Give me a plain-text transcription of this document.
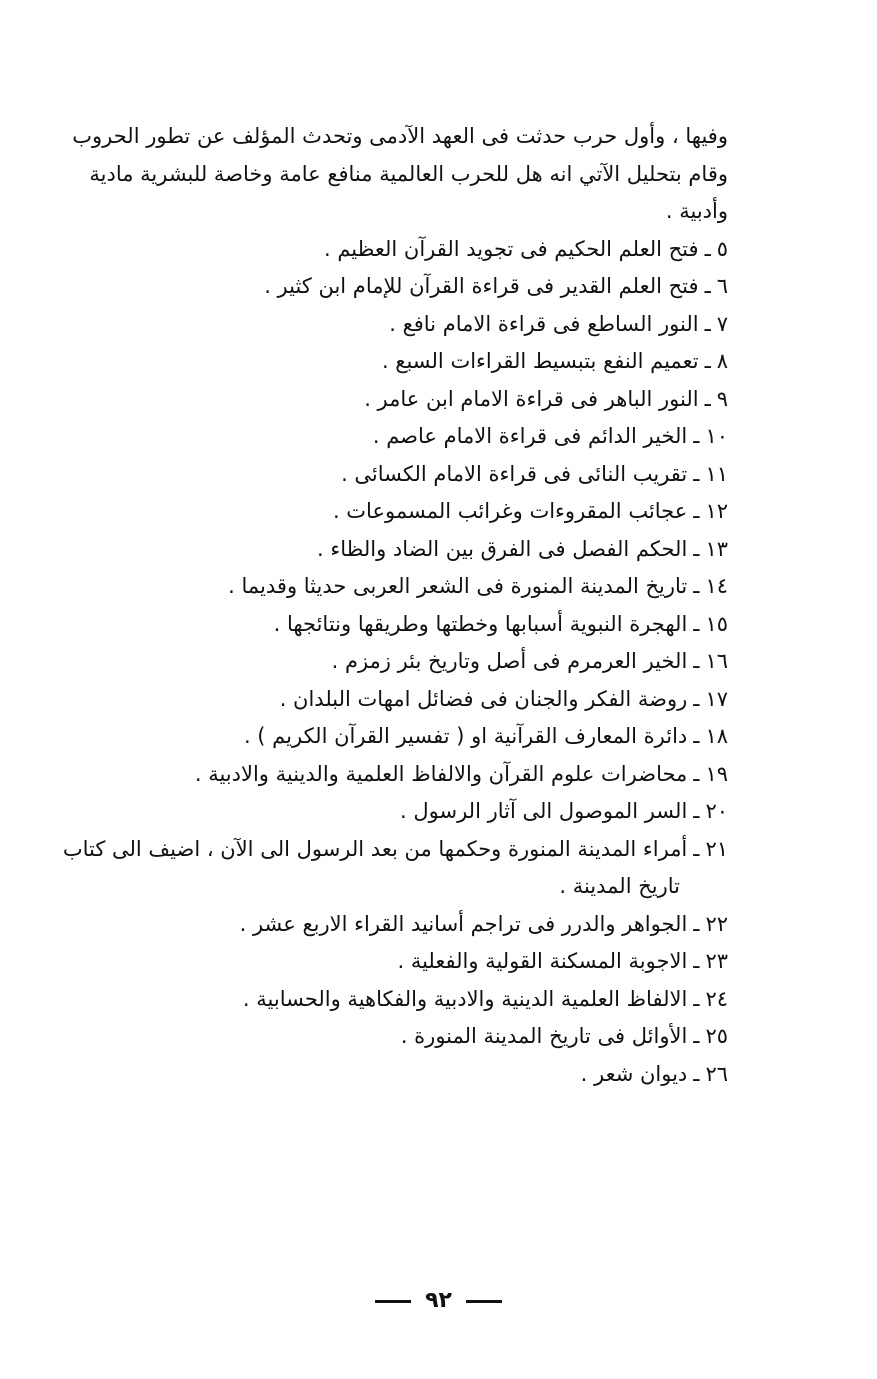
وفيها ، وأول حرب حدثت فى العهد الآدمى وتحدث المؤلف عن تطور الحروب
وقام بتحليل الآتي انه هل للحرب العالمية منافع عامة وخاصة للبشرية مادية
وأدبية .
٥ـفتح العلم الحكيم فى تجويد القرآن العظيم .
٦ـفتح العلم القدير فى قراءة القرآن للإمام ابن كثير .
٧ـالنور الساطع فى قراءة الامام نافع .
٨ـتعميم النفع بتبسيط القراءات السبع .
٩ـالنور الباهر فى قراءة الامام ابن عامر .
١٠ـالخير الدائم فى قراءة الامام عاصم .
١١ـتقريب النائى فى قراءة الامام الكسائى .
١٢ـعجائب المقروءات وغرائب المسموعات .
١٣ـالحكم الفصل فى الفرق بين الضاد والظاء .
١٤ـتاريخ المدينة المنورة فى الشعر العربى حديثا وقديما .
١٥ـالهجرة النبوية أسبابها وخطتها وطريقها ونتائجها .
١٦ـالخير العرمرم فى أصل وتاريخ بئر زمزم .
١٧ـروضة الفكر والجنان فى فضائل امهات البلدان .
١٨ـدائرة المعارف القرآنية او ( تفسير القرآن الكريم ) .
١٩ـمحاضرات علوم القرآن والالفاظ العلمية والدينية والادبية .
٢٠ـالسر الموصول الى آثار الرسول .
٢١ـأمراء المدينة المنورة وحكمها من بعد الرسول الى الآن ، اضيف الى كتاب
تاريخ المدينة .
٢٢ـالجواهر والدرر فى تراجم أسانيد القراء الاربع عشر .
٢٣ـالاجوبة المسكنة القولية والفعلية .
٢٤ـالالفاظ العلمية الدينية والادبية والفكاهية والحسابية .
٢٥ـالأوائل فى تاريخ المدينة المنورة .
٢٦ـديوان شعر .
٩٢
